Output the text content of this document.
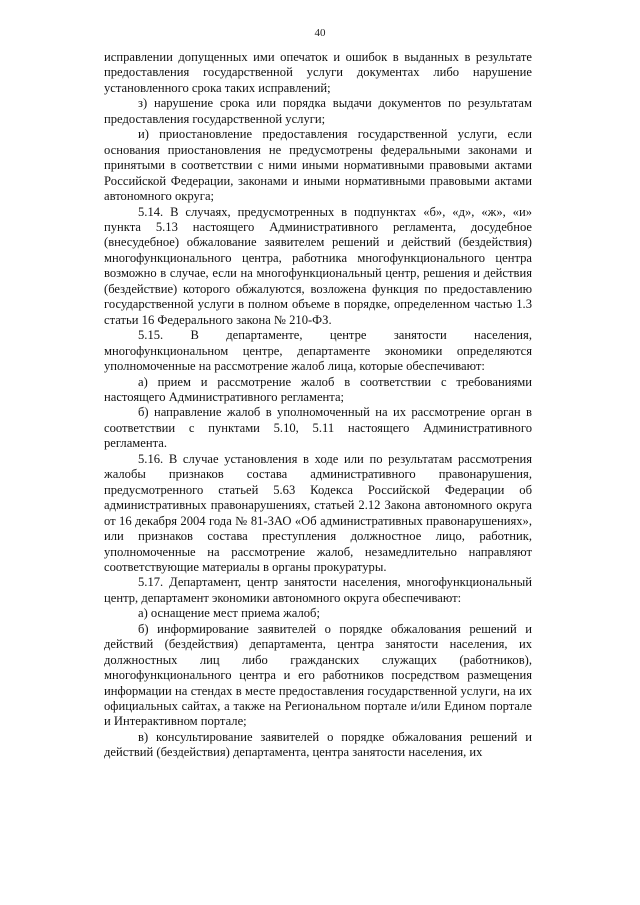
40

исправлении допущенных ими опечаток и ошибок в выданных в результате предоставления государственной услуги документах либо нарушение установленного срока таких исправлений;

з) нарушение срока или порядка выдачи документов по результатам предоставления государственной услуги;

и) приостановление предоставления государственной услуги, если основания приостановления не предусмотрены федеральными законами и принятыми в соответствии с ними иными нормативными правовыми актами Российской Федерации, законами и иными нормативными правовыми актами автономного округа;

5.14. В случаях, предусмотренных в подпунктах «б», «д», «ж», «и» пункта 5.13 настоящего Административного регламента, досудебное (внесудебное) обжалование заявителем решений и действий (бездействия) многофункционального центра, работника многофункционального центра возможно в случае, если на многофункциональный центр, решения и действия (бездействие) которого обжалуются, возложена функция по предоставлению государственной услуги в полном объеме в порядке, определенном частью 1.3 статьи 16 Федерального закона № 210-ФЗ.

5.15. В департаменте, центре занятости населения, многофункциональном центре, департаменте экономики определяются уполномоченные на рассмотрение жалоб лица, которые обеспечивают:

а) прием и рассмотрение жалоб в соответствии с требованиями настоящего Административного регламента;

б) направление жалоб в уполномоченный на их рассмотрение орган в соответствии с пунктами 5.10, 5.11 настоящего Административного регламента.

5.16. В случае установления в ходе или по результатам рассмотрения жалобы признаков состава административного правонарушения, предусмотренного статьей 5.63 Кодекса Российской Федерации об административных правонарушениях, статьей 2.12 Закона автономного округа от 16 декабря 2004 года № 81-ЗАО «Об административных правонарушениях», или признаков состава преступления должностное лицо, работник, уполномоченные на рассмотрение жалоб, незамедлительно направляют соответствующие материалы в органы прокуратуры.

5.17. Департамент, центр занятости населения, многофункциональный центр, департамент экономики автономного округа обеспечивают:

а) оснащение мест приема жалоб;

б) информирование заявителей о порядке обжалования решений и действий (бездействия) департамента, центра занятости населения, их должностных лиц либо гражданских служащих (работников), многофункционального центра и его работников посредством размещения информации на стендах в месте предоставления государственной услуги, на их официальных сайтах, а также на Региональном портале и/или Едином портале и Интерактивном портале;

в) консультирование заявителей о порядке обжалования решений и действий (бездействия) департамента, центра занятости населения, их
